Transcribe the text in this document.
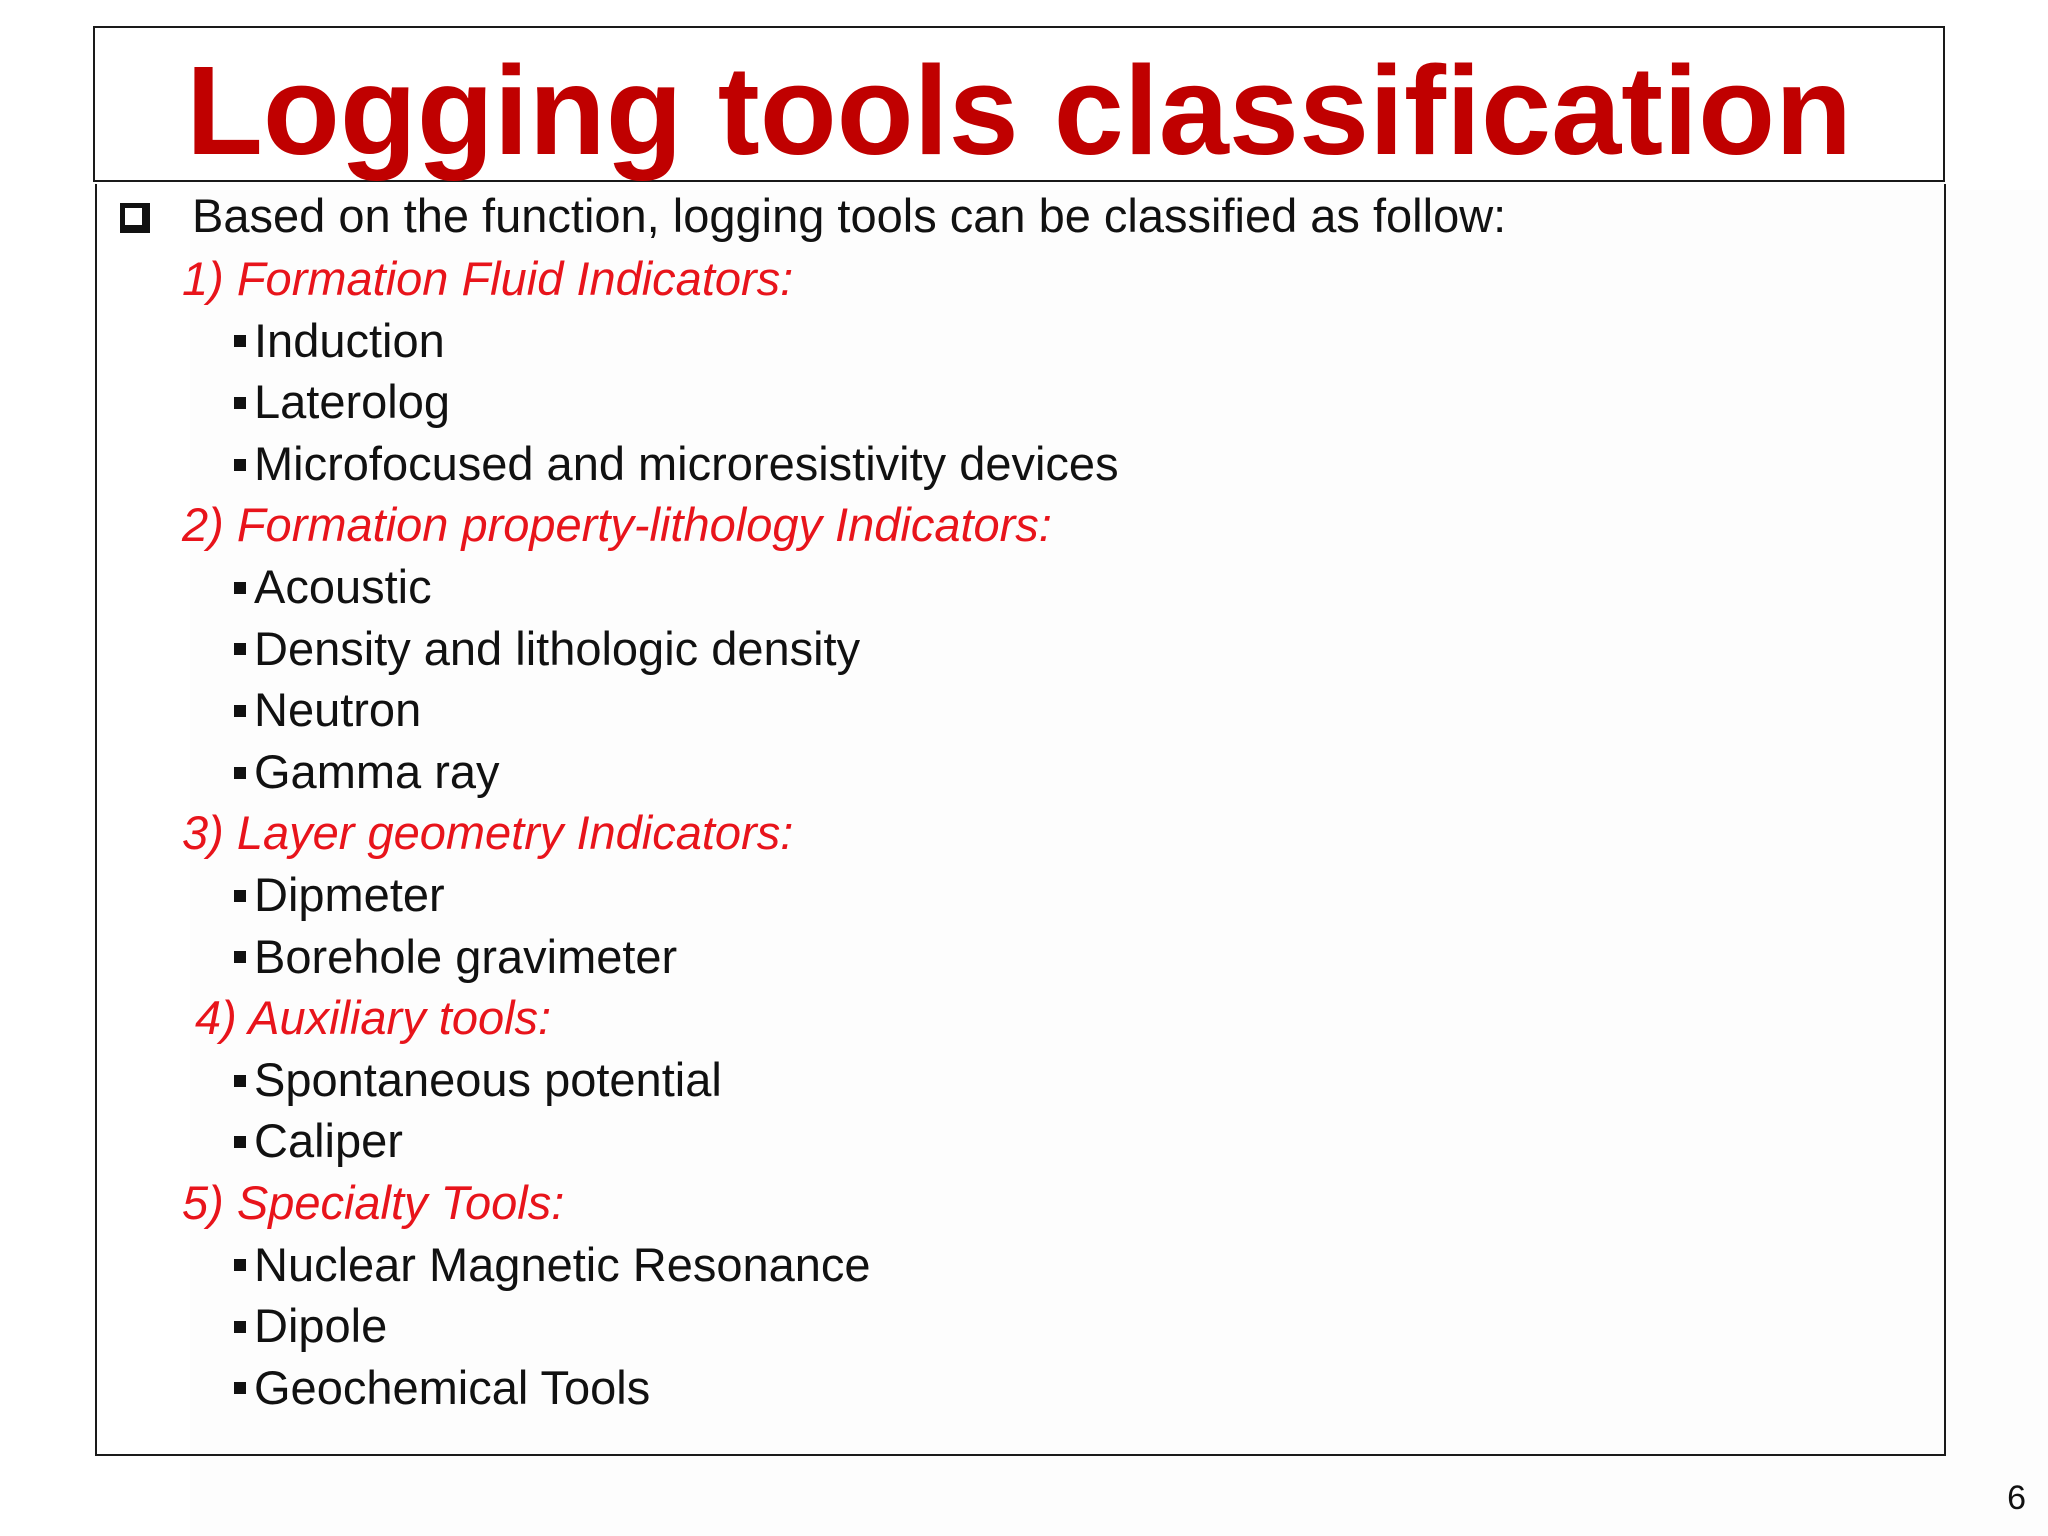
Logging tools classification
Based on the function, logging tools can be classified as follow:
1) Formation Fluid Indicators:
Induction
Laterolog
Microfocused and microresistivity devices
2) Formation property-lithology Indicators:
Acoustic
Density and lithologic density
Neutron
Gamma ray
3) Layer geometry Indicators:
Dipmeter
Borehole gravimeter
4) Auxiliary tools:
Spontaneous potential
Caliper
5) Specialty Tools:
Nuclear Magnetic Resonance
Dipole
Geochemical Tools
6
